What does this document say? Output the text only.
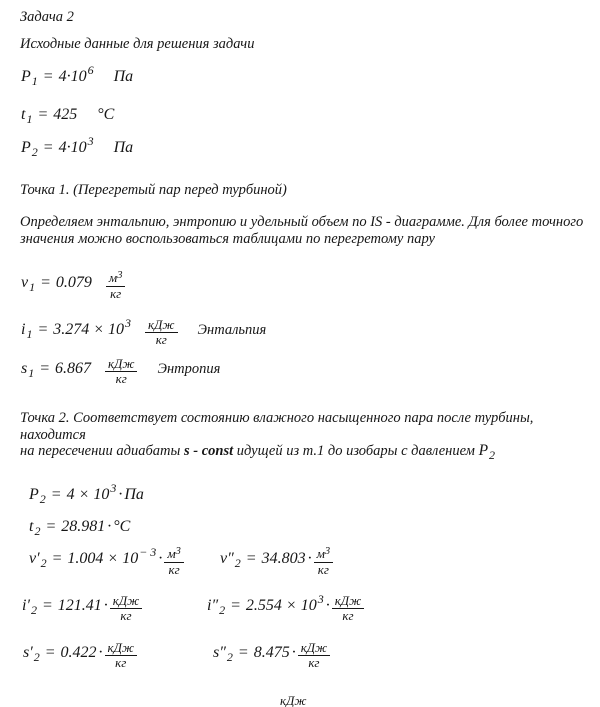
Задача 2
Исходные данные для решения задачи
P 1 = 4·10 6 Па
t 1 = 425 °C
P 2 = 4·10 3 Па
Точка 1. (Перегретый пар перед турбиной)
Определяем энтальпию, энтропию и удельный объем по IS - диаграмме. Для более точного
значения можно воспользоваться таблицами по перегретому пару
v $1 = 0.079 \frac{м^3}{кг}$
i 1 = 3.274 × 10 $3 \frac{\text{кДж}}{кг}$ Энтальпия
s $1 = 6.867 \frac{\text{кДж}}{кг}$ Энтропия
Точка 2. Соответствует состоянию влажного насыщенного пара после турбины, находится
на пересечении адиабаты s - const идущей из т.1 до изобары с давлением $P_2$
P 2 = 4 × 10 3 · Па
t 2 = 28.981 · °C
v ′ $2 = 1.004 \times 10 - 3 \cdot \frac{м^3}{кг}$ v ″ $2 = 34.803 \cdot \frac{м^3}{кг}$
i ′ $2 = 121.41 \cdot \frac{\text{кДж}}{кг}$	i ″ 2 = 2.554 × 10 $3 \cdot \frac{\text{кДж}}{кг}$
s ′ $2 = 0.422 \cdot \frac{\text{кДж}}{кг}$	s ″ $2 = 8.475 \cdot \frac{\text{кДж}}{кг}$
кДж
